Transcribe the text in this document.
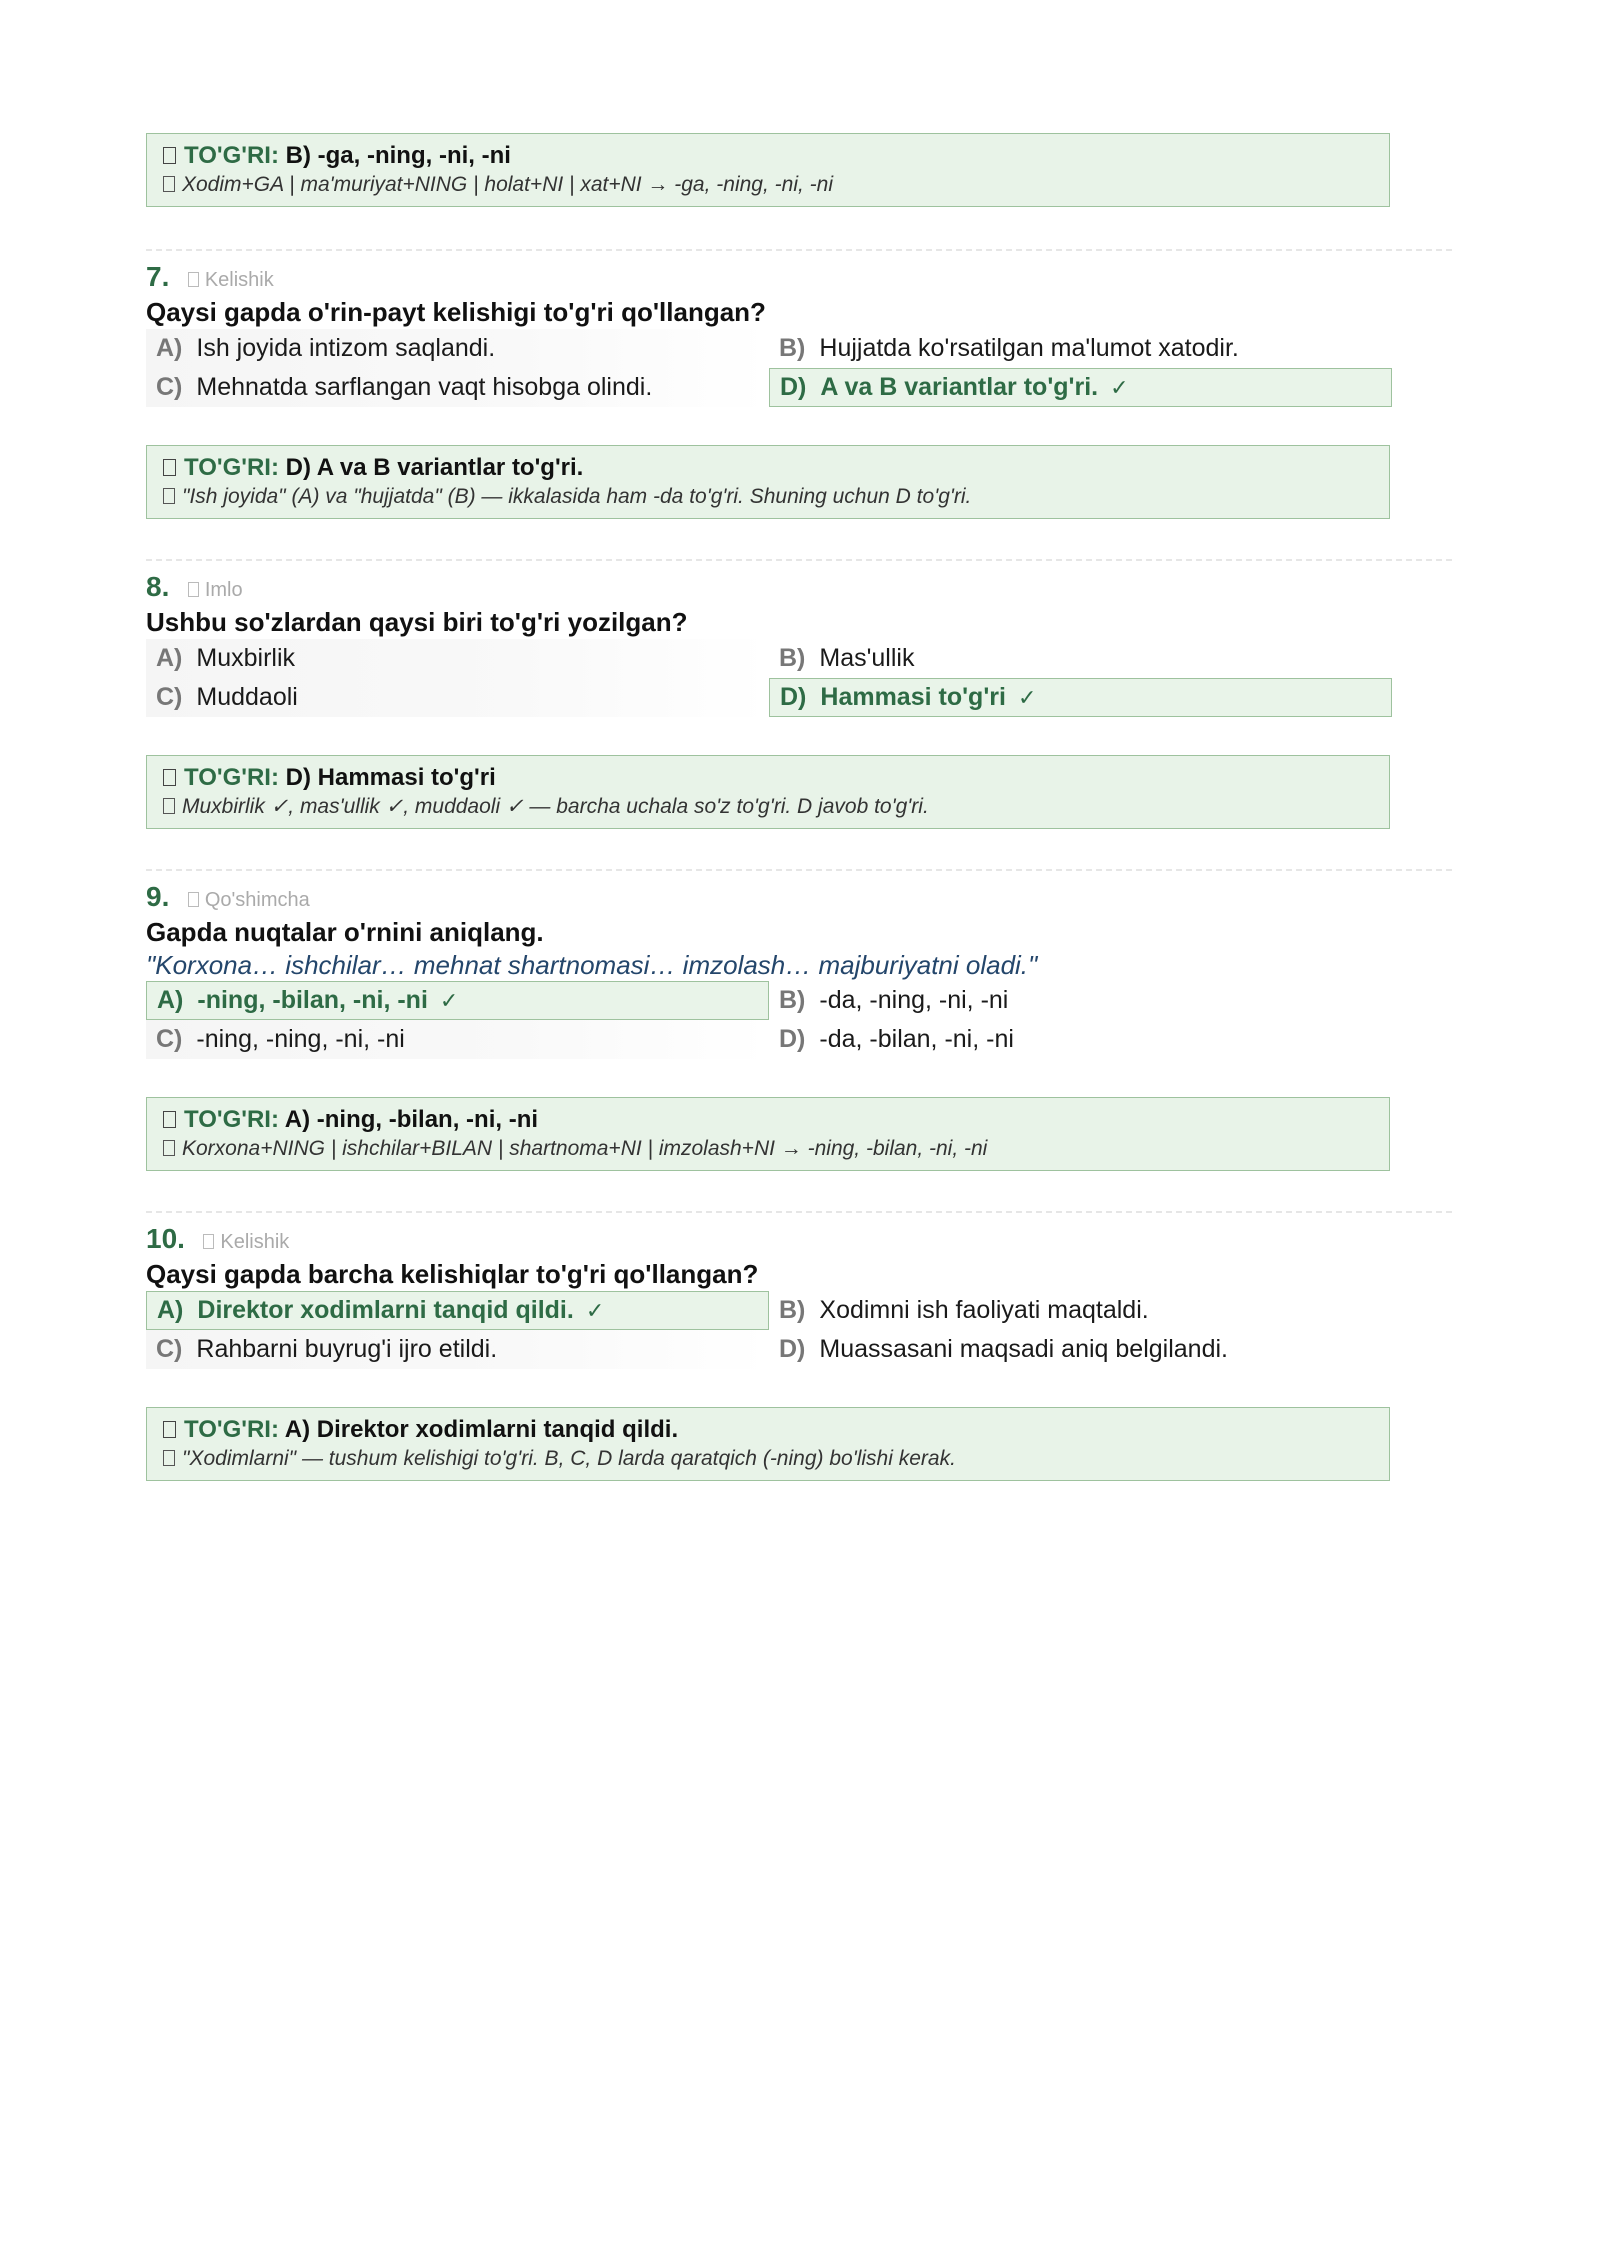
TO'G'RI: B) -ga, -ning, -ni, -ni
Xodim+GA | ma'muriyat+NING | holat+NI | xat+NI → -ga, -ning, -ni, -ni
7. Kelishik
Qaysi gapda o'rin-payt kelishigi to'g'ri qo'llangan?
A) Ish joyida intizom saqlandi.	B) Hujjatda ko'rsatilgan ma'lumot xatodir.
C) Mehnatda sarflangan vaqt hisobga olindi.	D) A va B variantlar to'g'ri. ✓
TO'G'RI: D) A va B variantlar to'g'ri.
"Ish joyida" (A) va "hujjatda" (B) — ikkalasida ham -da to'g'ri. Shuning uchun D to'g'ri.
8. Imlo
Ushbu so'zlardan qaysi biri to'g'ri yozilgan?
A) Muxbirlik	B) Mas'ullik
C) Muddaoli	D) Hammasi to'g'ri ✓
TO'G'RI: D) Hammasi to'g'ri
Muxbirlik ✓, mas'ullik ✓, muddaoli ✓ — barcha uchala so'z to'g'ri. D javob to'g'ri.
9. Qo'shimcha
Gapda nuqtalar o'rnini aniqlang.
"Korxona… ishchilar… mehnat shartnomasi… imzolash… majburiyatni oladi."
A) -ning, -bilan, -ni, -ni ✓	B) -da, -ning, -ni, -ni
C) -ning, -ning, -ni, -ni	D) -da, -bilan, -ni, -ni
TO'G'RI: A) -ning, -bilan, -ni, -ni
Korxona+NING | ishchilar+BILAN | shartnoma+NI | imzolash+NI → -ning, -bilan, -ni, -ni
10. Kelishik
Qaysi gapda barcha kelishiqlar to'g'ri qo'llangan?
A) Direktor xodimlarni tanqid qildi. ✓	B) Xodimni ish faoliyati maqtaldi.
C) Rahbarni buyrug'i ijro etildi.	D) Muassasani maqsadi aniq belgilandi.
TO'G'RI: A) Direktor xodimlarni tanqid qildi.
"Xodimlarni" — tushum kelishigi to'g'ri. B, C, D larda qaratqich (-ning) bo'lishi kerak.
